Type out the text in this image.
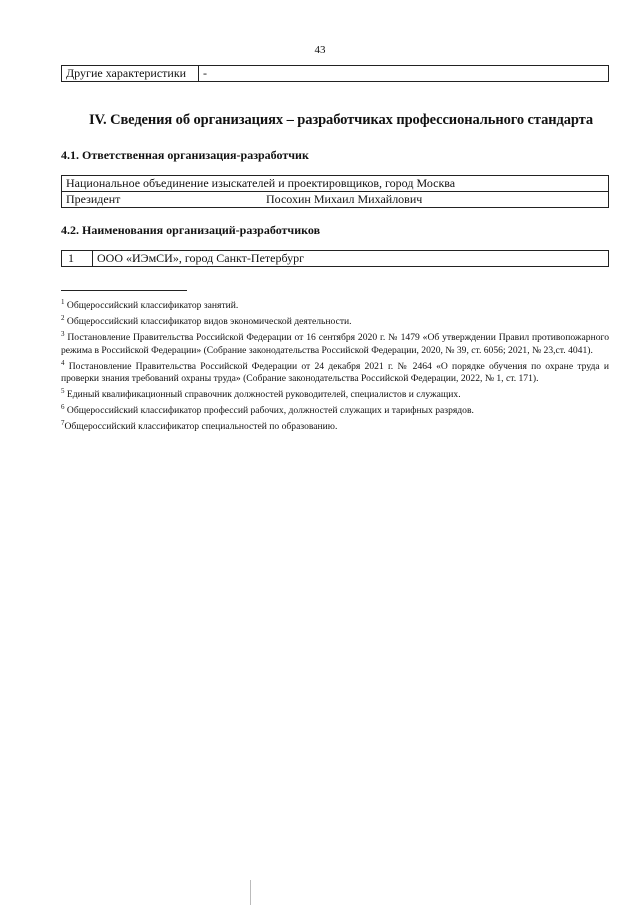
43
Другие характеристики	-
IV. Сведения об организациях – разработчиках профессионального стандарта
4.1. Ответственная организация-разработчик
Национальное объединение изыскателей и проектировщиков, город Москва
Президент	Посохин Михаил Михайлович
4.2. Наименования организаций-разработчиков
1	ООО «ИЭмСИ», город Санкт-Петербург

$^1$ Общероссийский классификатор занятий.

$^2$ Общероссийский классификатор видов экономической деятельности.

$^3$ Постановление Правительства Российской Федерации от 16 сентября 2020 г. № 1479 «Об утверждении Правил противопожарного режима в Российской Федерации» (Собрание законодательства Российской Федерации, 2020, № 39, ст. 6056; 2021, № 23,ст. 4041).

$^4$ Постановление Правительства Российской Федерации от 24 декабря 2021 г. № 2464 «О порядке обучения по охране труда и проверки знания требований охраны труда» (Собрание законодательства Российской Федерации, 2022, № 1, ст. 171).

$^5$ Единый квалификационный справочник должностей руководителей, специалистов и служащих.

$^6$ Общероссийский классификатор профессий рабочих, должностей служащих и тарифных разрядов.

$^7$Общероссийский классификатор специальностей по образованию.
